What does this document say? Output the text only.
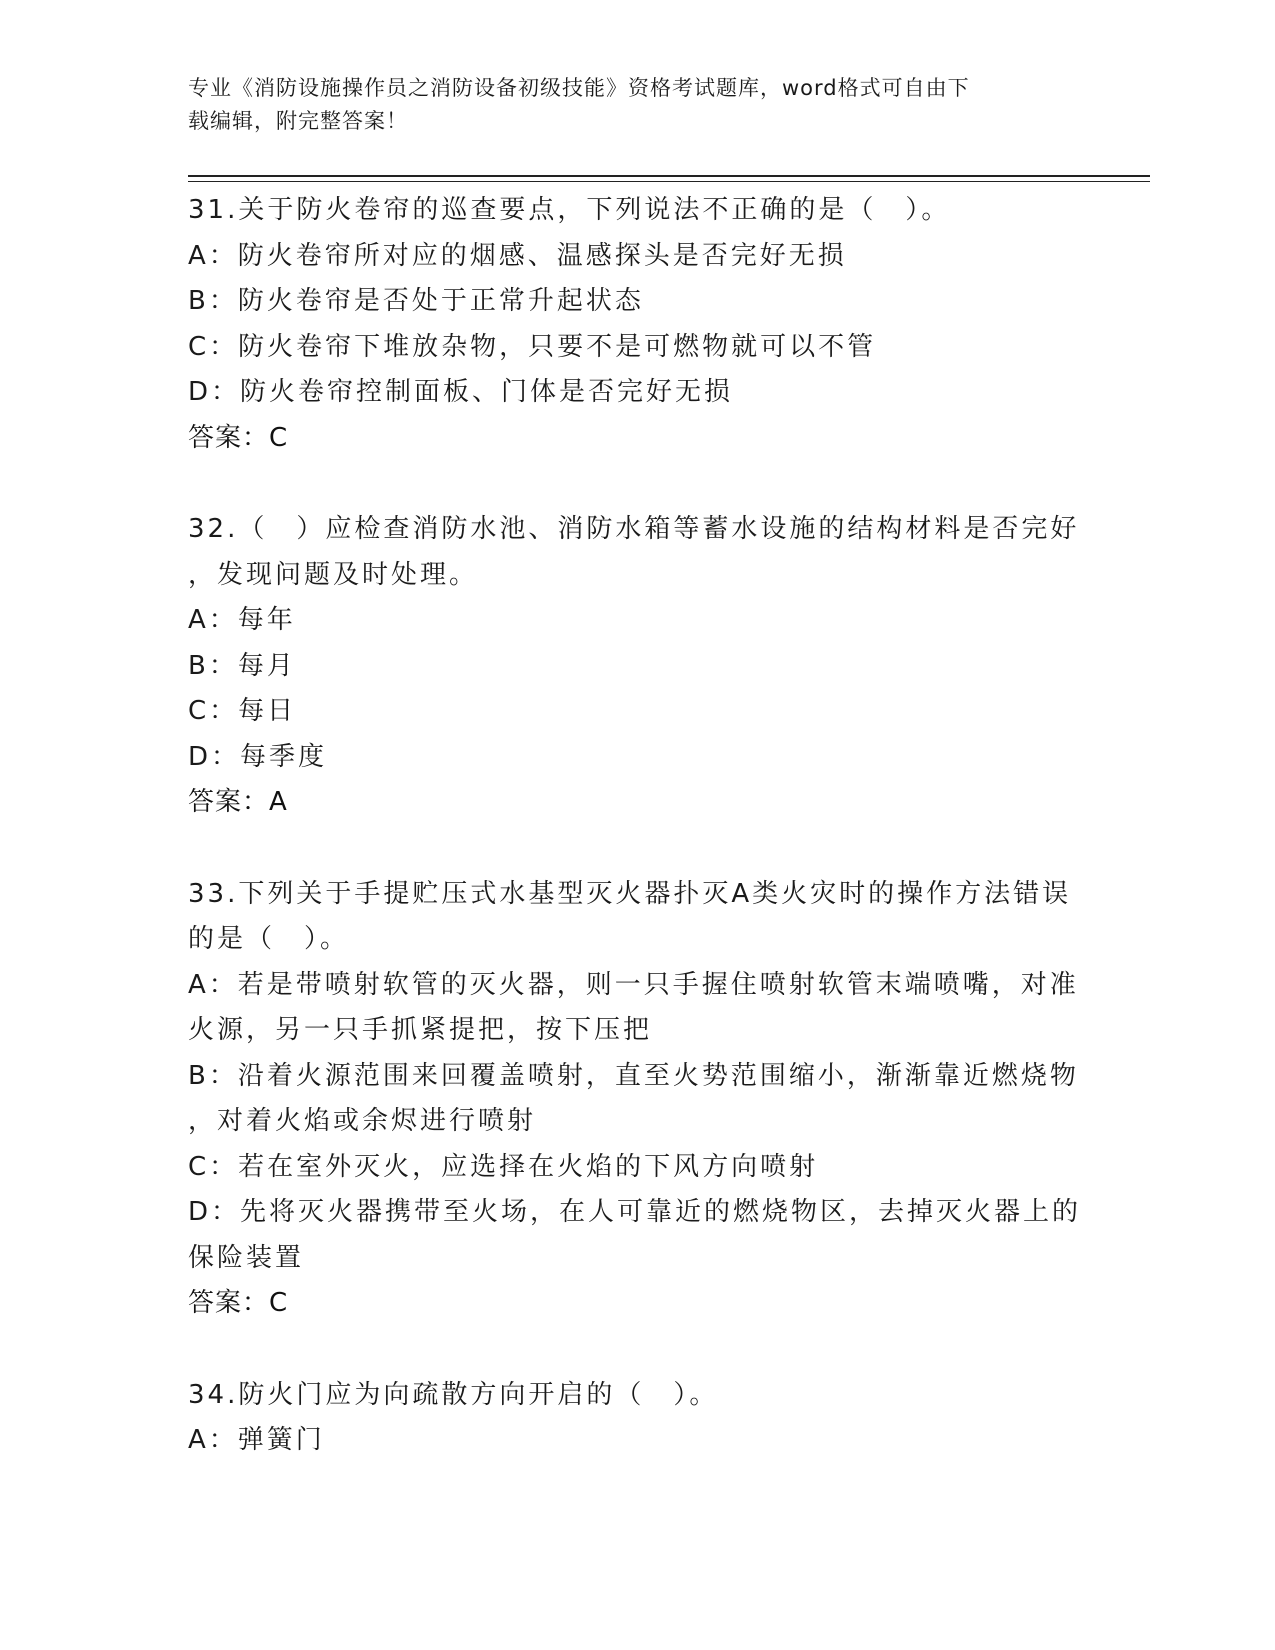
专业《消防设施操作员之消防设备初级技能》资格考试题库，word格式可自由下
载编辑，附完整答案！
31.关于防火卷帘的巡查要点，下列说法不正确的是（　）。
A：防火卷帘所对应的烟感、温感探头是否完好无损
B：防火卷帘是否处于正常升起状态
C：防火卷帘下堆放杂物，只要不是可燃物就可以不管
D：防火卷帘控制面板、门体是否完好无损
答案：C
32.（　）应检查消防水池、消防水箱等蓄水设施的结构材料是否完好
，发现问题及时处理。
A：每年
B：每月
C：每日
D：每季度
答案：A
33.下列关于手提贮压式水基型灭火器扑灭A类火灾时的操作方法错误
的是（　）。
A：若是带喷射软管的灭火器，则一只手握住喷射软管末端喷嘴，对准
火源，另一只手抓紧提把，按下压把
B：沿着火源范围来回覆盖喷射，直至火势范围缩小，渐渐靠近燃烧物
，对着火焰或余烬进行喷射
C：若在室外灭火，应选择在火焰的下风方向喷射
D：先将灭火器携带至火场，在人可靠近的燃烧物区，去掉灭火器上的
保险装置
答案：C
34.防火门应为向疏散方向开启的（　）。
A：弹簧门
